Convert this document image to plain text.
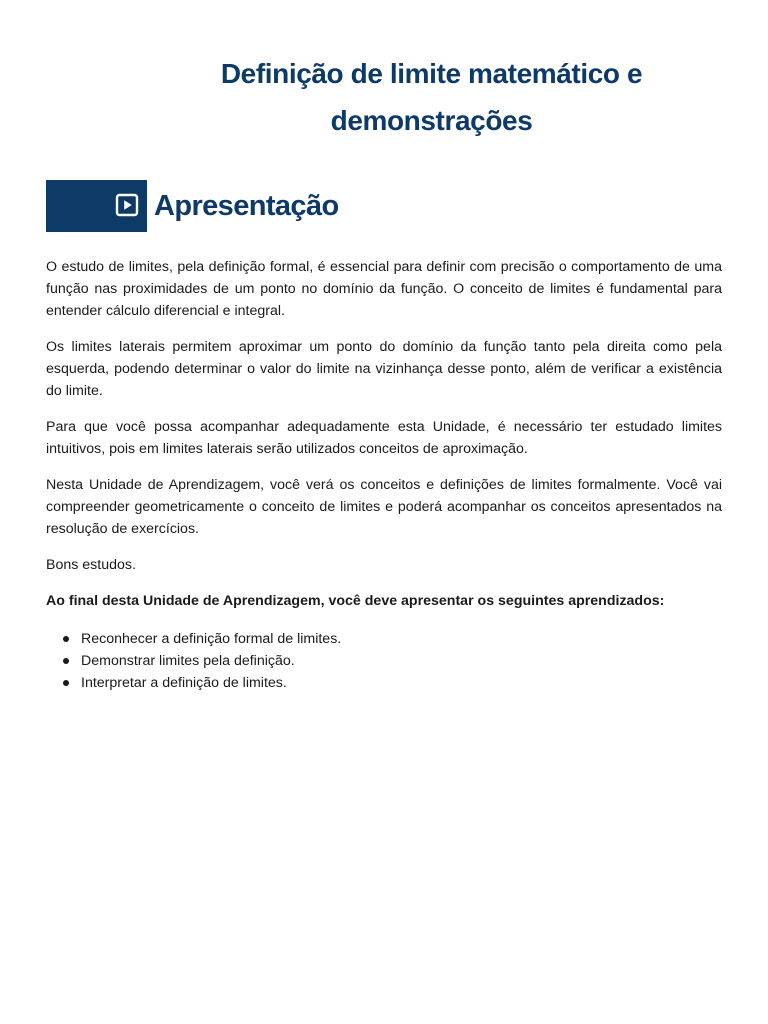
Definição de limite matemático e
demonstrações
Apresentação

O estudo de limites, pela definição formal, é essencial para definir com precisão o comportamento de uma função nas proximidades de um ponto no domínio da função. O conceito de limites é fundamental para entender cálculo diferencial e integral.

Os limites laterais permitem aproximar um ponto do domínio da função tanto pela direita como pela esquerda, podendo determinar o valor do limite na vizinhança desse ponto, além de verificar a existência do limite.

Para que você possa acompanhar adequadamente esta Unidade, é necessário ter estudado limites intuitivos, pois em limites laterais serão utilizados conceitos de aproximação.

Nesta Unidade de Aprendizagem, você verá os conceitos e definições de limites formalmente. Você vai compreender geometricamente o conceito de limites e poderá acompanhar os conceitos apresentados na resolução de exercícios.

Bons estudos.

Ao final desta Unidade de Aprendizagem, você deve apresentar os seguintes aprendizados:

Reconhecer a definição formal de limites.
Demonstrar limites pela definição.
Interpretar a definição de limites.
